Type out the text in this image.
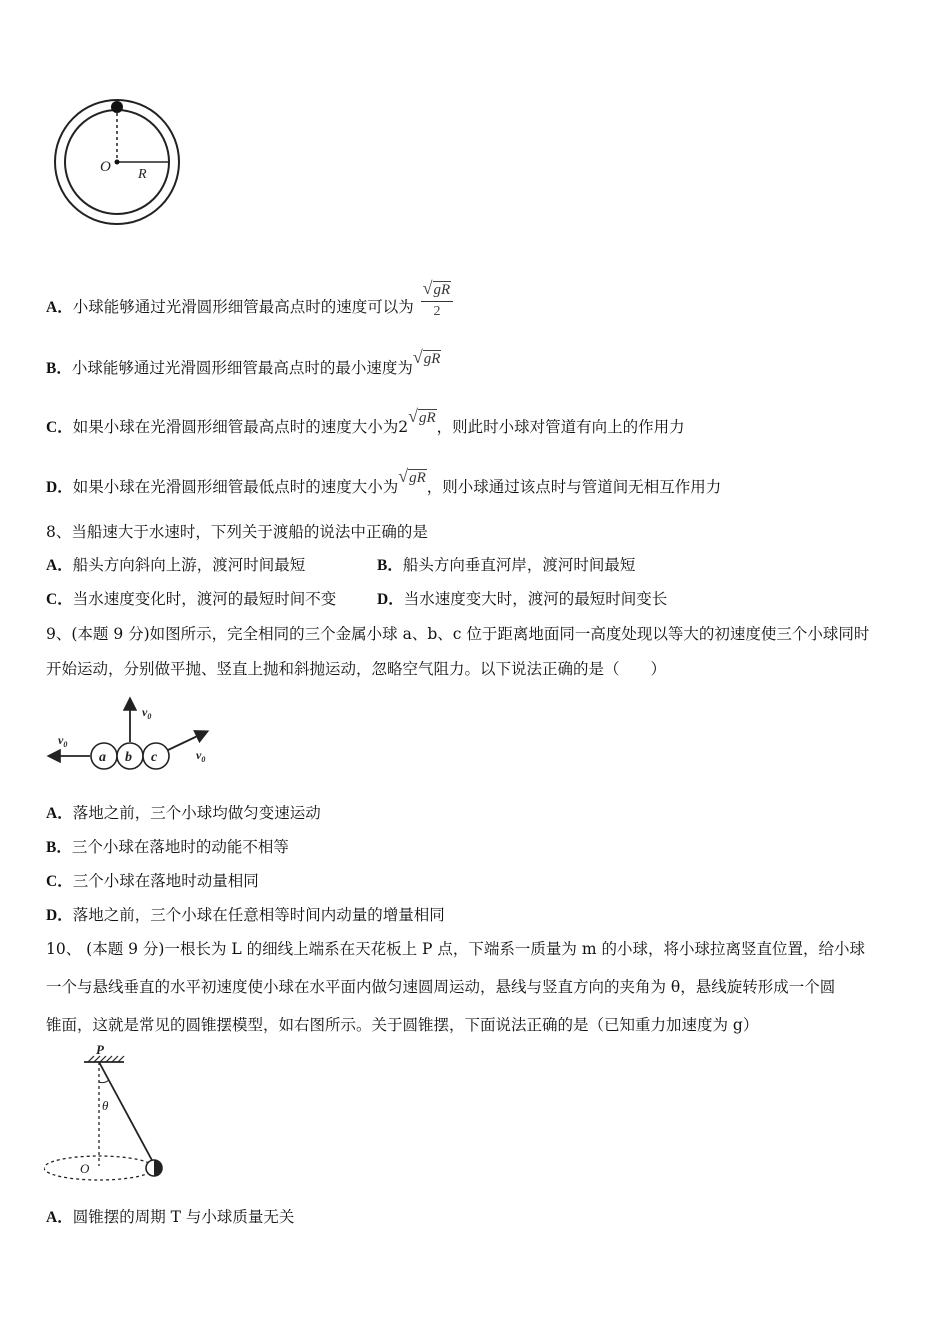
O R
A．小球能够通过光滑圆形细管最高点时的速度可以为 $\frac{√gR}{2}$
B．小球能够通过光滑圆形细管最高点时的最小速度为√gR
C．如果小球在光滑圆形细管最高点时的速度大小为2√gR，则此时小球对管道有向上的作用力
D．如果小球在光滑圆形细管最低点时的速度大小为√gR，则小球通过该点时与管道间无相互作用力
8、当船速大于水速时，下列关于渡船的说法中正确的是
A．船头方向斜向上游，渡河时间最短	B．船头方向垂直河岸，渡河时间最短
C．当水速度变化时，渡河的最短时间不变	D．当水速度变大时，渡河的最短时间变长
9、(本题 9 分)如图所示，完全相同的三个金属小球 a、b、c 位于距离地面同一高度处现以等大的初速度使三个小球同时
开始运动，分别做平抛、竖直上抛和斜抛运动，忽略空气阻力。以下说法正确的是（　　）
a b c
$v_0$
$v_0$
$v_0$
A．落地之前，三个小球均做匀变速运动
B．三个小球在落地时的动能不相等
C．三个小球在落地时动量相同
D．落地之前，三个小球在任意相等时间内动量的增量相同
10、 (本题 9 分)一根长为 L 的细线上端系在天花板上 P 点，下端系一质量为 m 的小球，将小球拉离竖直位置，给小球
一个与悬线垂直的水平初速度使小球在水平面内做匀速圆周运动，悬线与竖直方向的夹角为 θ，悬线旋转形成一个圆
锥面，这就是常见的圆锥摆模型，如右图所示。关于圆锥摆，下面说法正确的是（已知重力加速度为 g）
P
θ
O
A．圆锥摆的周期 T 与小球质量无关
